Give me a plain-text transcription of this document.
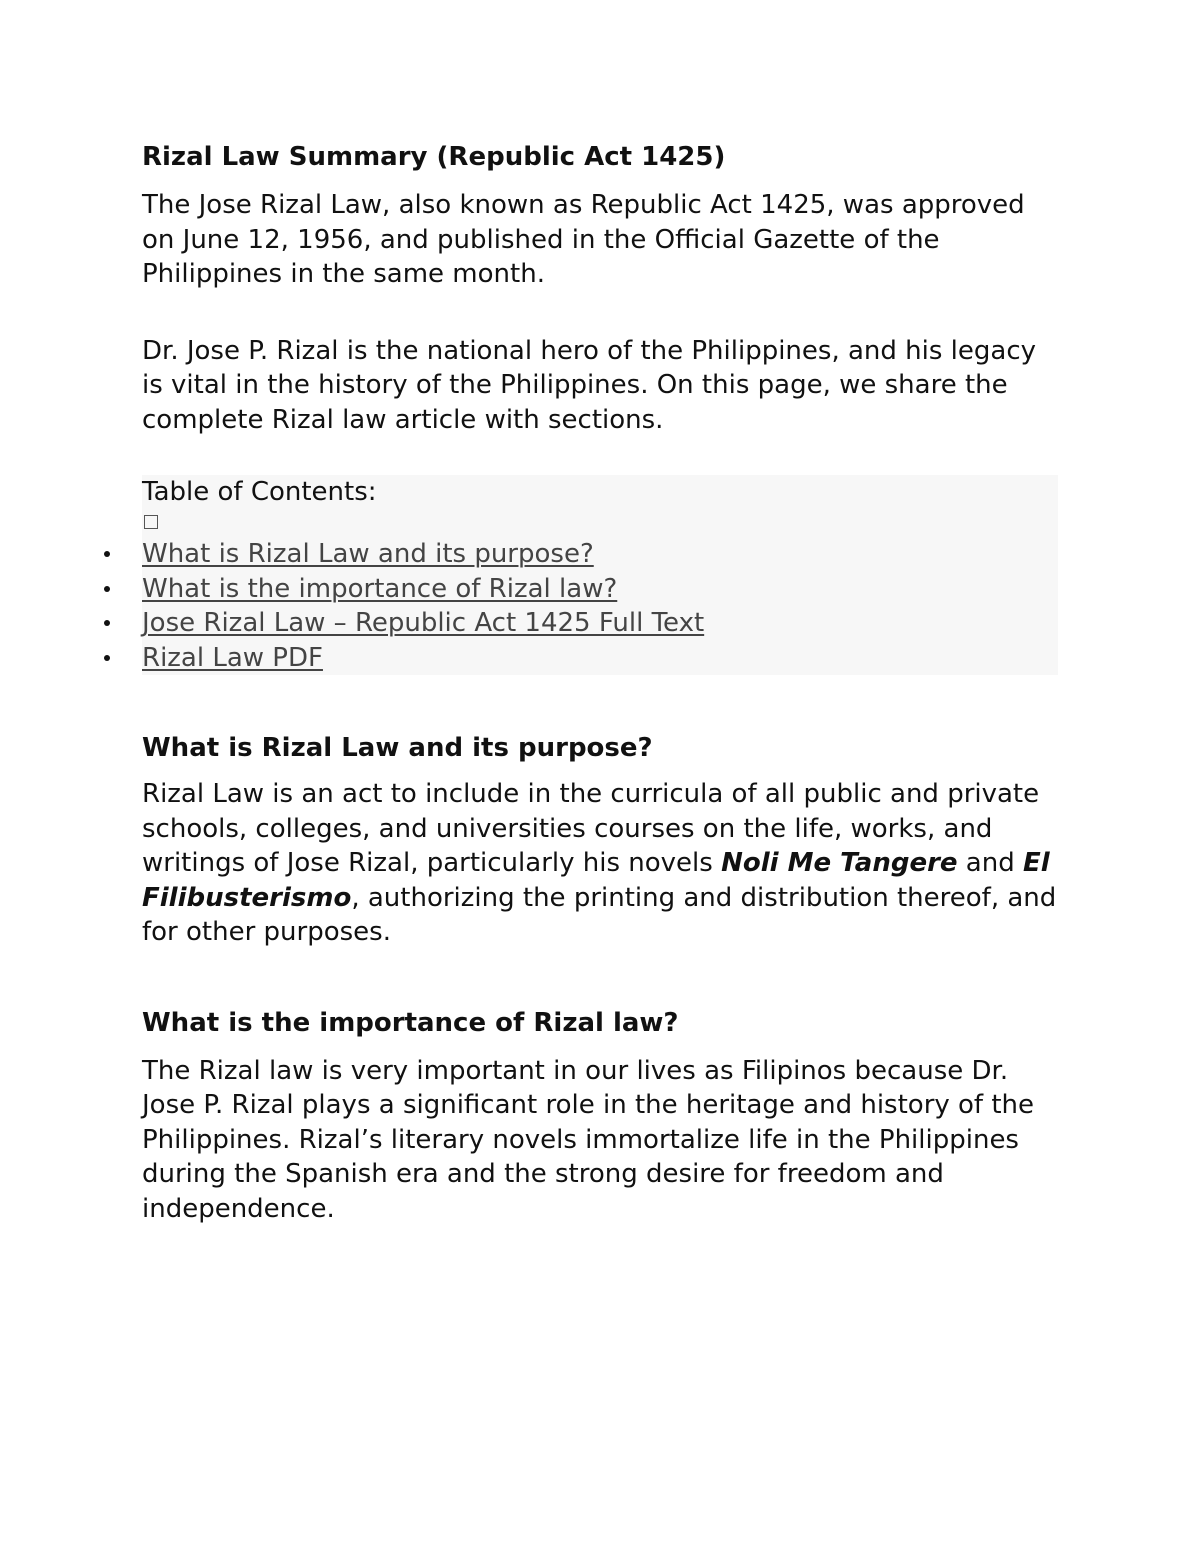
Rizal Law Summary (Republic Act 1425)

The Jose Rizal Law, also known as Republic Act 1425, was approved on June 12, 1956, and published in the Official Gazette of the Philippines in the same month.

Dr. Jose P. Rizal is the national hero of the Philippines, and his legacy is vital in the history of the Philippines. On this page, we share the complete Rizal law article with sections.

Table of Contents:
What is Rizal Law and its purpose?
What is the importance of Rizal law?
Jose Rizal Law – Republic Act 1425 Full Text
Rizal Law PDF
What is Rizal Law and its purpose?

Rizal Law is an act to include in the curricula of all public and private schools, colleges, and universities courses on the life, works, and writings of Jose Rizal, particularly his novels Noli Me Tangere and El Filibusterismo, authorizing the printing and distribution thereof, and for other purposes.

What is the importance of Rizal law?

The Rizal law is very important in our lives as Filipinos because Dr. Jose P. Rizal plays a significant role in the heritage and history of the Philippines. Rizal’s literary novels immortalize life in the Philippines during the Spanish era and the strong desire for freedom and independence.
